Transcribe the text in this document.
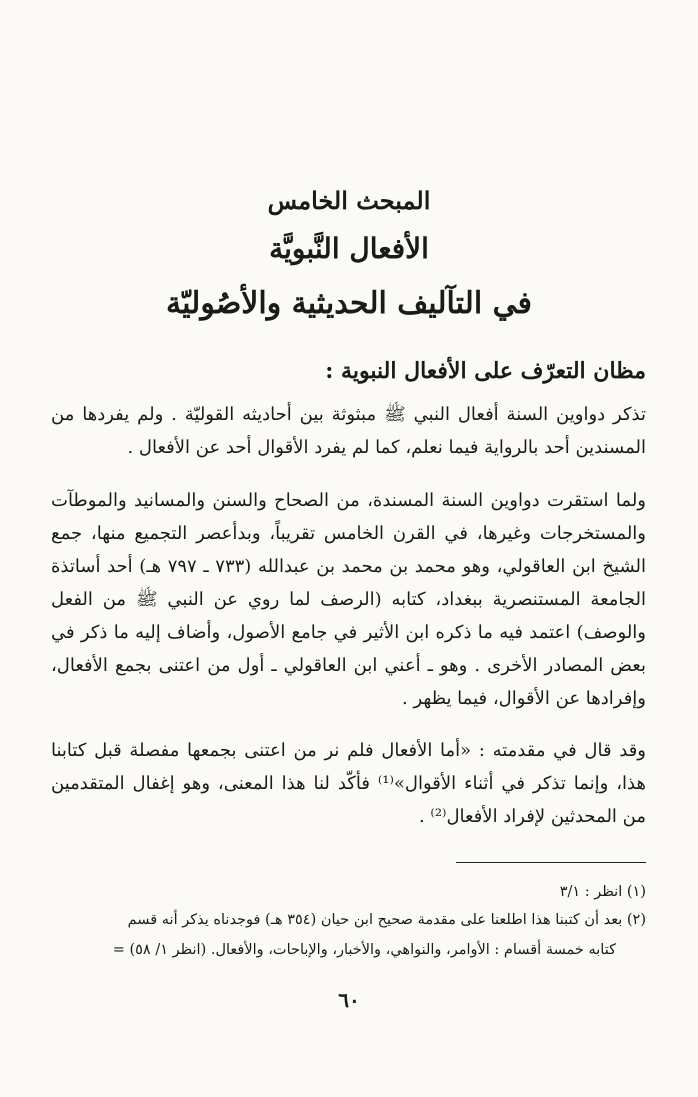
المبحث الخامس
الأفعال النَّبويَّة
في التآليف الحديثية والأصُوليّة
مظان التعرّف على الأفعال النبوية :

تذكر دواوين السنة أفعال النبي ﷺ مبثوثة بين أحاديثه القوليّة . ولم يفردها من المسندين أحد بالرواية فيما نعلم، كما لم يفرد الأقوال أحد عن الأفعال .

ولما استقرت دواوين السنة المسندة، من الصحاح والسنن والمسانيد والموطآت والمستخرجات وغيرها، في القرن الخامس تقريباً، وبدأعصر التجميع منها، جمع الشيخ ابن العاقولي، وهو محمد بن محمد بن عبدالله (٧٣٣ ـ ٧٩٧ هـ) أحد أساتذة الجامعة المستنصرية ببغداد، كتابه (الرصف لما روي عن النبي ﷺ من الفعل والوصف) اعتمد فيه ما ذكره ابن الأثير في جامع الأصول، وأضاف إليه ما ذكر في بعض المصادر الأخرى . وهو ـ أعني ابن العاقولي ـ أول من اعتنى بجمع الأفعال، وإفرادها عن الأقوال، فيما يظهر .

وقد قال في مقدمته : «أما الأفعال فلم نر من اعتنى بجمعها مفصلة قبل كتابنا هذا، وإنما تذكر في أثناء الأقوال»⁽¹⁾ فأكّد لنا هذا المعنى، وهو إغفال المتقدمين من المحدثين لإفراد الأفعال⁽²⁾ .

(١) انظر : ٣/١

(٢) بعد أن كتبنا هذا اطلعنا على مقدمة صحيح ابن حيان (٣٥٤ هـ) فوجدناه يذكر أنه قسم

كتابه خمسة أقسام : الأوامر، والنواهي، والأخبار، والإباحات، والأفعال. (انظر ١/ ٥٨) =

٦٠
